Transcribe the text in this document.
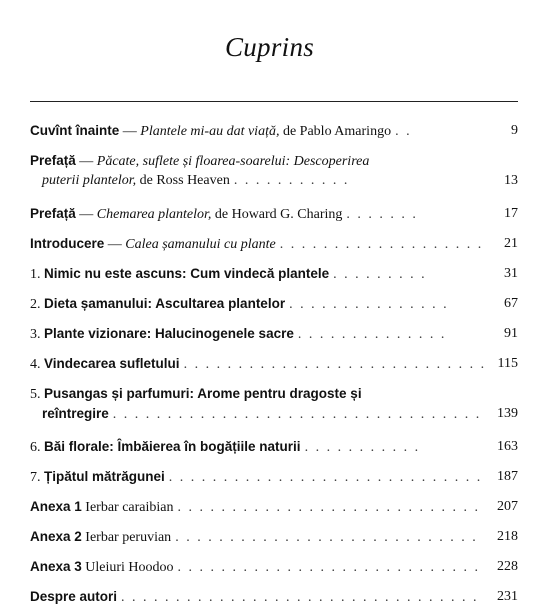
Cuprins
Cuvînt înainte — Plantele mi-au dat viață, de Pablo Amaringo . .	9
Prefață — Păcate, suflete și floarea-soarelui: Descoperirea
puterii plantelor, de Ross Heaven . . . . . . . . . . .	13
Prefață — Chemarea plantelor, de Howard G. Charing . . . . . . .	17
Introducere — Calea șamanului cu plante . . . . . . . . . . . . . . . . . . . 21
1. Nimic nu este ascuns: Cum vindecă plantele . . . . . . . . .	31
2. Dieta șamanului: Ascultarea plantelor . . . . . . . . . . . . . . .	67
3. Plante vizionare: Halucinogenele sacre . . . . . . . . . . . . . .	91
4. Vindecarea sufletului . . . . . . . . . . . . . . . . . . . . . . . . . . . . 115
5. Pusangas și parfumuri: Arome pentru dragoste și
reîntregire . . . . . . . . . . . . . . . . . . . . . . . . . . . . . . . . . . 139
6. Băi florale: Îmbăierea în bogățiile naturii . . . . . . . . . . .	163
7. Țipătul mătrăgunei . . . . . . . . . . . . . . . . . . . . . . . . . . . . . 187
Anexa 1 Ierbar caraibian . . . . . . . . . . . . . . . . . . . . . . . . . . . . 207
Anexa 2 Ierbar peruvian . . . . . . . . . . . . . . . . . . . . . . . . . . . . 218
Anexa 3 Uleiuri Hoodoo . . . . . . . . . . . . . . . . . . . . . . . . . . . . 228
Despre autori . . . . . . . . . . . . . . . . . . . . . . . . . . . . . . . . . 231
